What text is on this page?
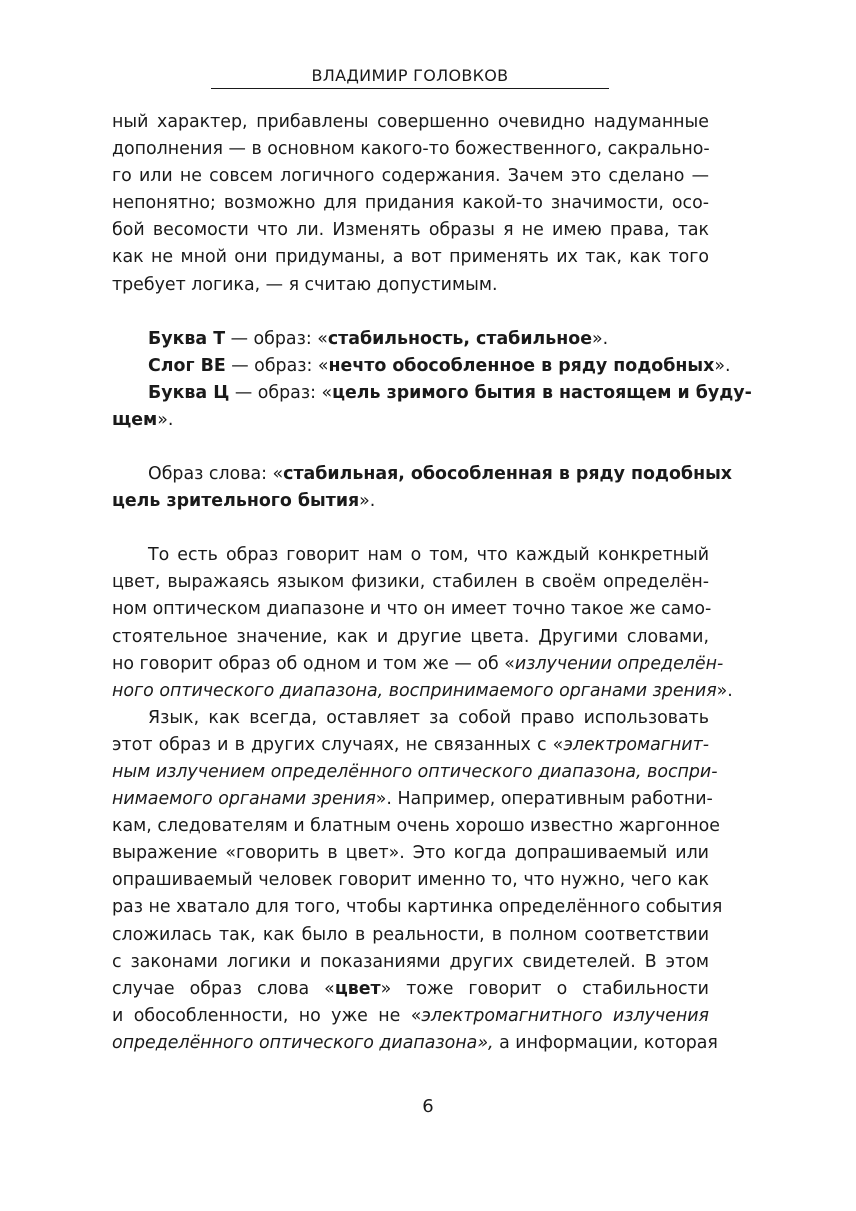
ВЛАДИМИР ГОЛОВКОВ
ный характер, прибавлены совершенно очевидно надуманные
дополнения — в основном какого-то божественного, сакрально-
го или не совсем логичного содержания. Зачем это сделано —
непонятно; возможно для придания какой-то значимости, осо-
бой весомости что ли. Изменять образы я не имею права, так
как не мной они придуманы, а вот применять их так, как того
требует логика, — я считаю допустимым.
Буква Т — образ: «стабильность, стабильное».
Слог ВЕ — образ: «нечто обособленное в ряду подобных».
Буква Ц — образ: «цель зримого бытия в настоящем и буду-
щем».
Образ слова: «стабильная, обособленная в ряду подобных
цель зрительного бытия».
То есть образ говорит нам о том, что каждый конкретный
цвет, выражаясь языком физики, стабилен в своём определён-
ном оптическом диапазоне и что он имеет точно такое же само-
стоятельное значение, как и другие цвета. Другими словами,
но говорит образ об одном и том же — об «излучении определён-
ного оптического диапазона, воспринимаемого органами зрения».
Язык, как всегда, оставляет за собой право использовать
этот образ и в других случаях, не связанных с «электромагнит-
ным излучением определённого оптического диапазона, воспри-
нимаемого органами зрения». Например, оперативным работни-
кам, следователям и блатным очень хорошо известно жаргонное
выражение «говорить в цвет». Это когда допрашиваемый или
опрашиваемый человек говорит именно то, что нужно, чего как
раз не хватало для того, чтобы картинка определённого события
сложилась так, как было в реальности, в полном соответствии
с законами логики и показаниями других свидетелей. В этом
случае образ слова «цвет» тоже говорит о стабильности
и обособленности, но уже не «электромагнитного излучения
определённого оптического диапазона», а информации, которая
6
